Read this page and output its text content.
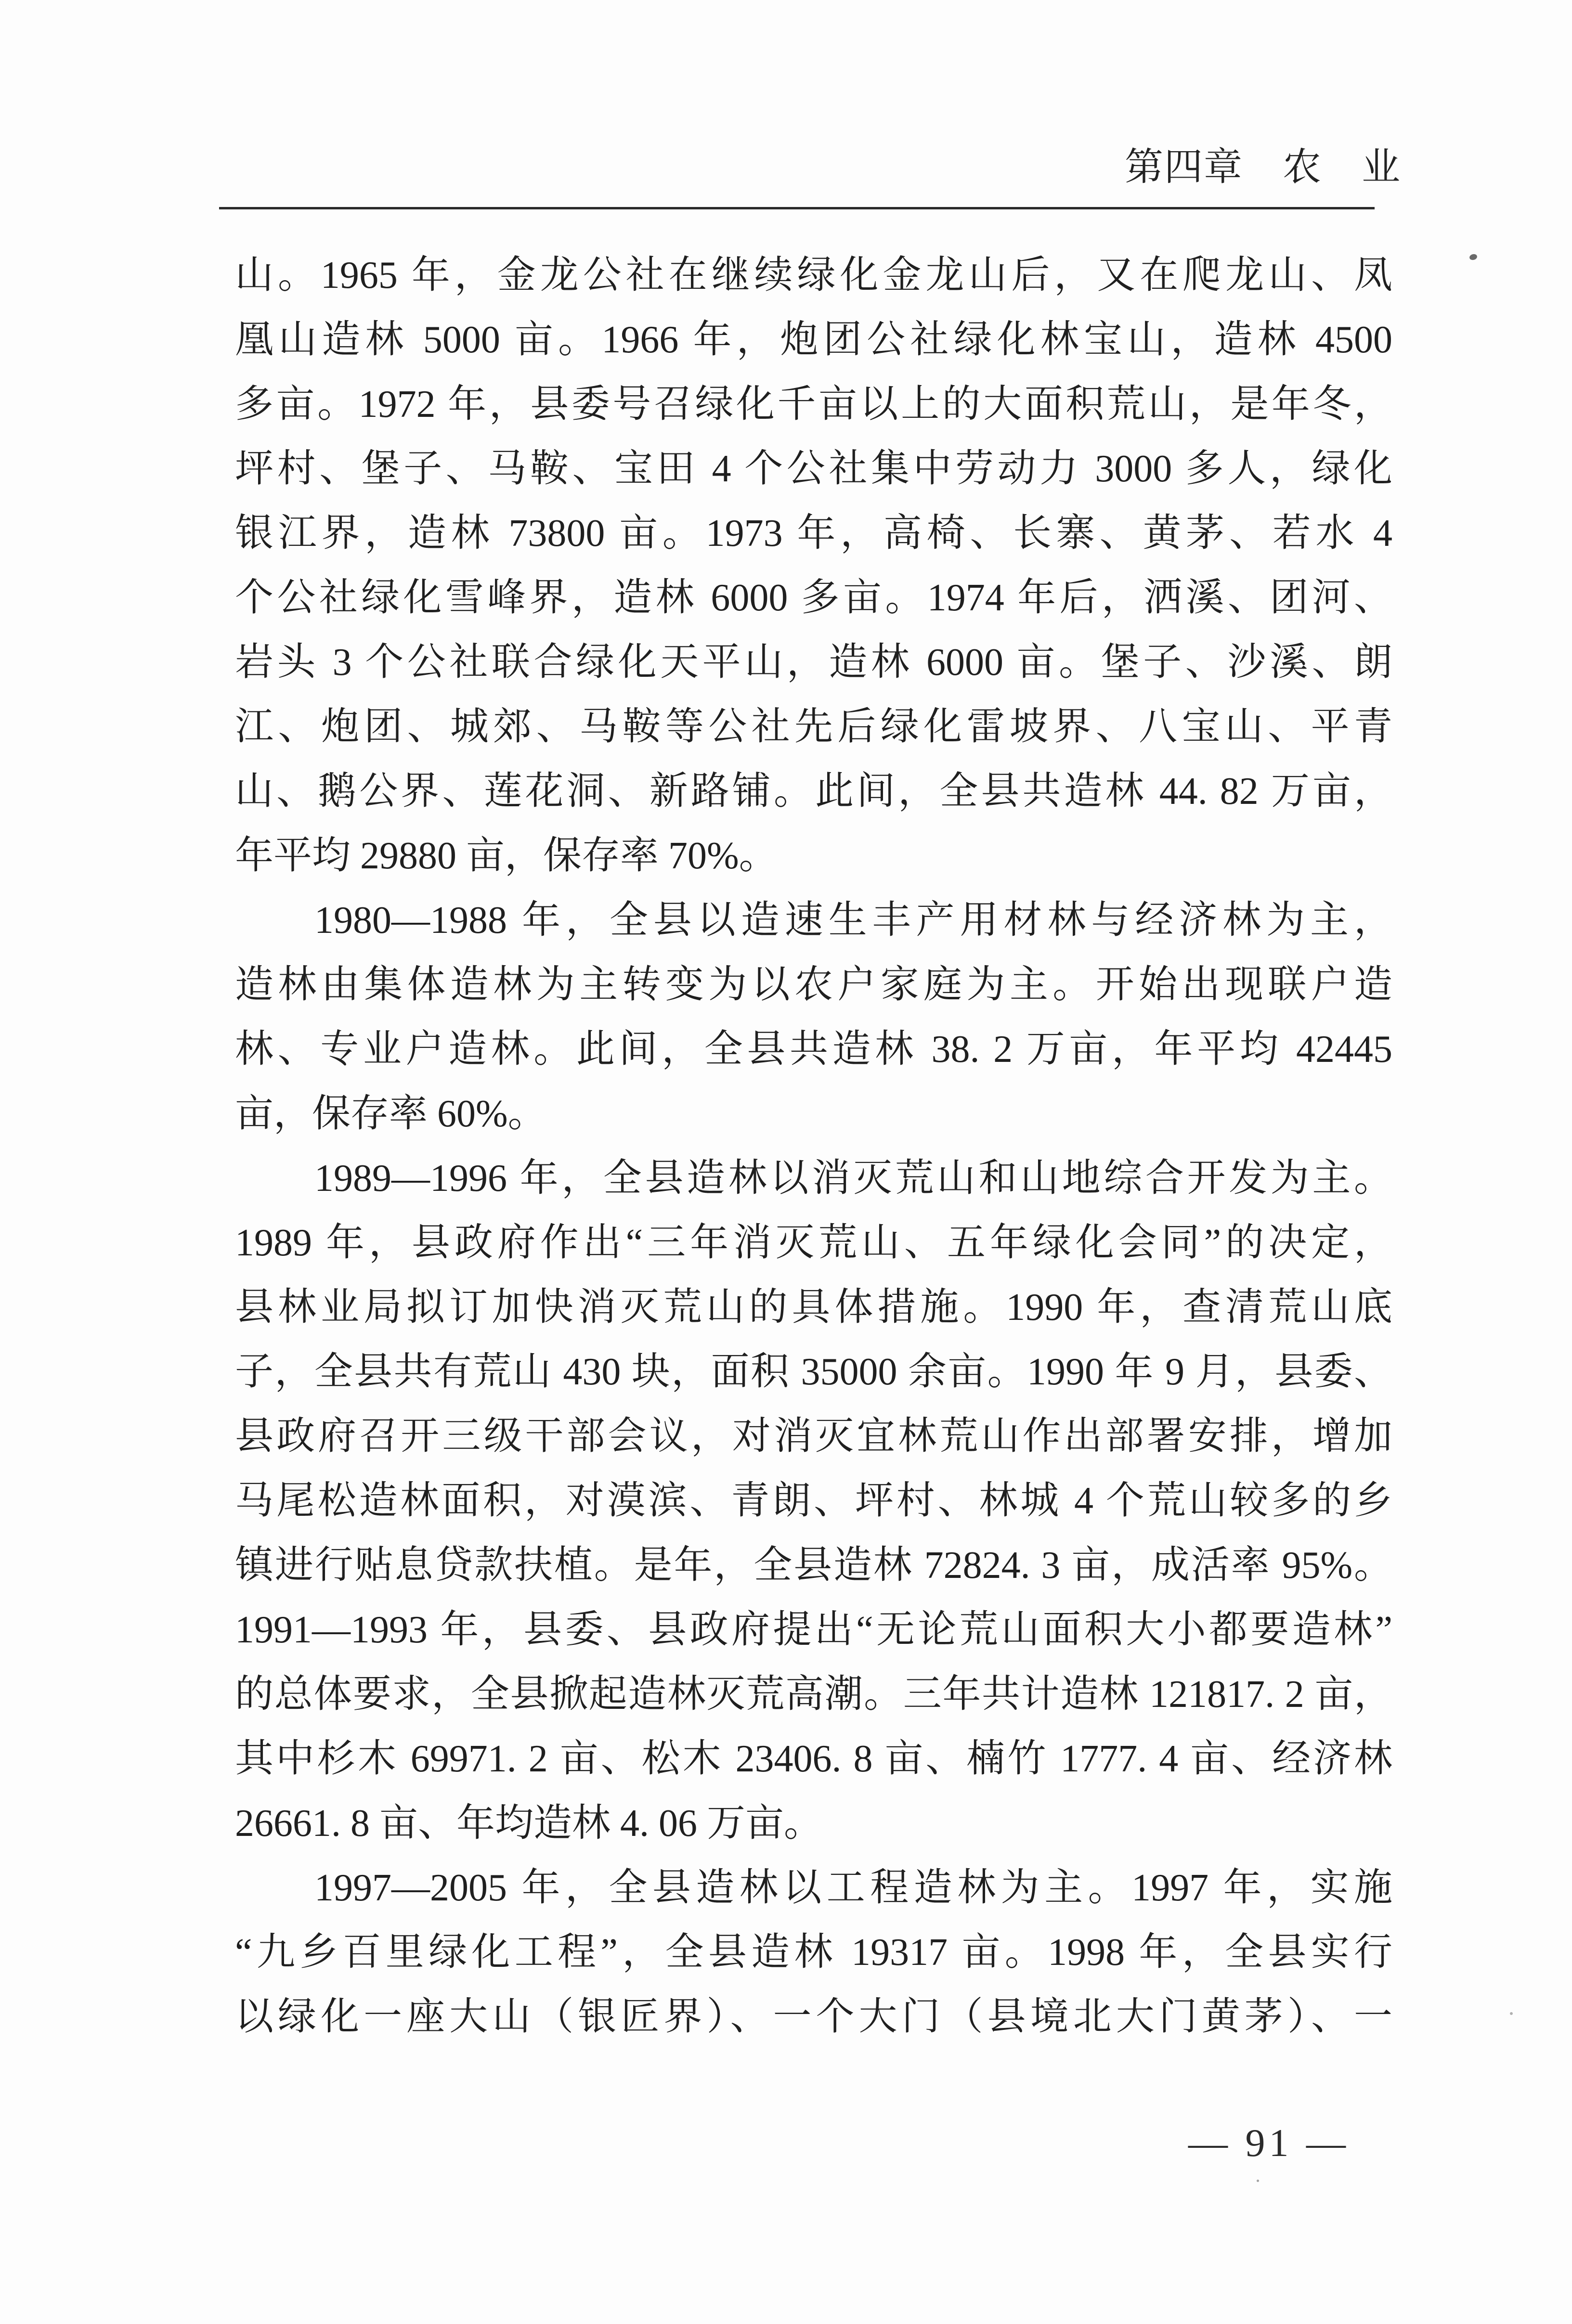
第四章　农　业
山。1965 年，金龙公社在继续绿化金龙山后，又在爬龙山、凤
凰山造林 5000 亩。1966 年，炮团公社绿化林宝山，造林 4500
多亩。1972 年，县委号召绿化千亩以上的大面积荒山，是年冬，
坪村、堡子、马鞍、宝田 4 个公社集中劳动力 3000 多人，绿化
银江界，造林 73800 亩。1973 年，高椅、长寨、黄茅、若水 4
个公社绿化雪峰界，造林 6000 多亩。1974 年后，洒溪、团河、
岩头 3 个公社联合绿化天平山，造林 6000 亩。堡子、沙溪、朗
江、炮团、城郊、马鞍等公社先后绿化雷坡界、八宝山、平青
山、鹅公界、莲花洞、新路铺。此间，全县共造林 44. 82 万亩，
年平均 29880 亩，保存率 70%。
1980—1988 年，全县以造速生丰产用材林与经济林为主，
造林由集体造林为主转变为以农户家庭为主。开始出现联户造
林、专业户造林。此间，全县共造林 38. 2 万亩，年平均 42445
亩，保存率 60%。
1989—1996 年，全县造林以消灭荒山和山地综合开发为主。
1989 年，县政府作出“三年消灭荒山、五年绿化会同”的决定，
县林业局拟订加快消灭荒山的具体措施。1990 年，查清荒山底
子，全县共有荒山 430 块，面积 35000 余亩。1990 年 9 月，县委、
县政府召开三级干部会议，对消灭宜林荒山作出部署安排，增加
马尾松造林面积，对漠滨、青朗、坪村、林城 4 个荒山较多的乡
镇进行贴息贷款扶植。是年，全县造林 72824. 3 亩，成活率 95%。
1991—1993 年，县委、县政府提出“无论荒山面积大小都要造林”
的总体要求，全县掀起造林灭荒高潮。三年共计造林 121817. 2 亩，
其中杉木 69971. 2 亩、松木 23406. 8 亩、楠竹 1777. 4 亩、经济林
26661. 8 亩、年均造林 4. 06 万亩。
1997—2005 年，全县造林以工程造林为主。1997 年，实施
“九乡百里绿化工程”，全县造林 19317 亩。1998 年，全县实行
以绿化一座大山（银匠界）、一个大门（县境北大门黄茅）、一
— 91 —
